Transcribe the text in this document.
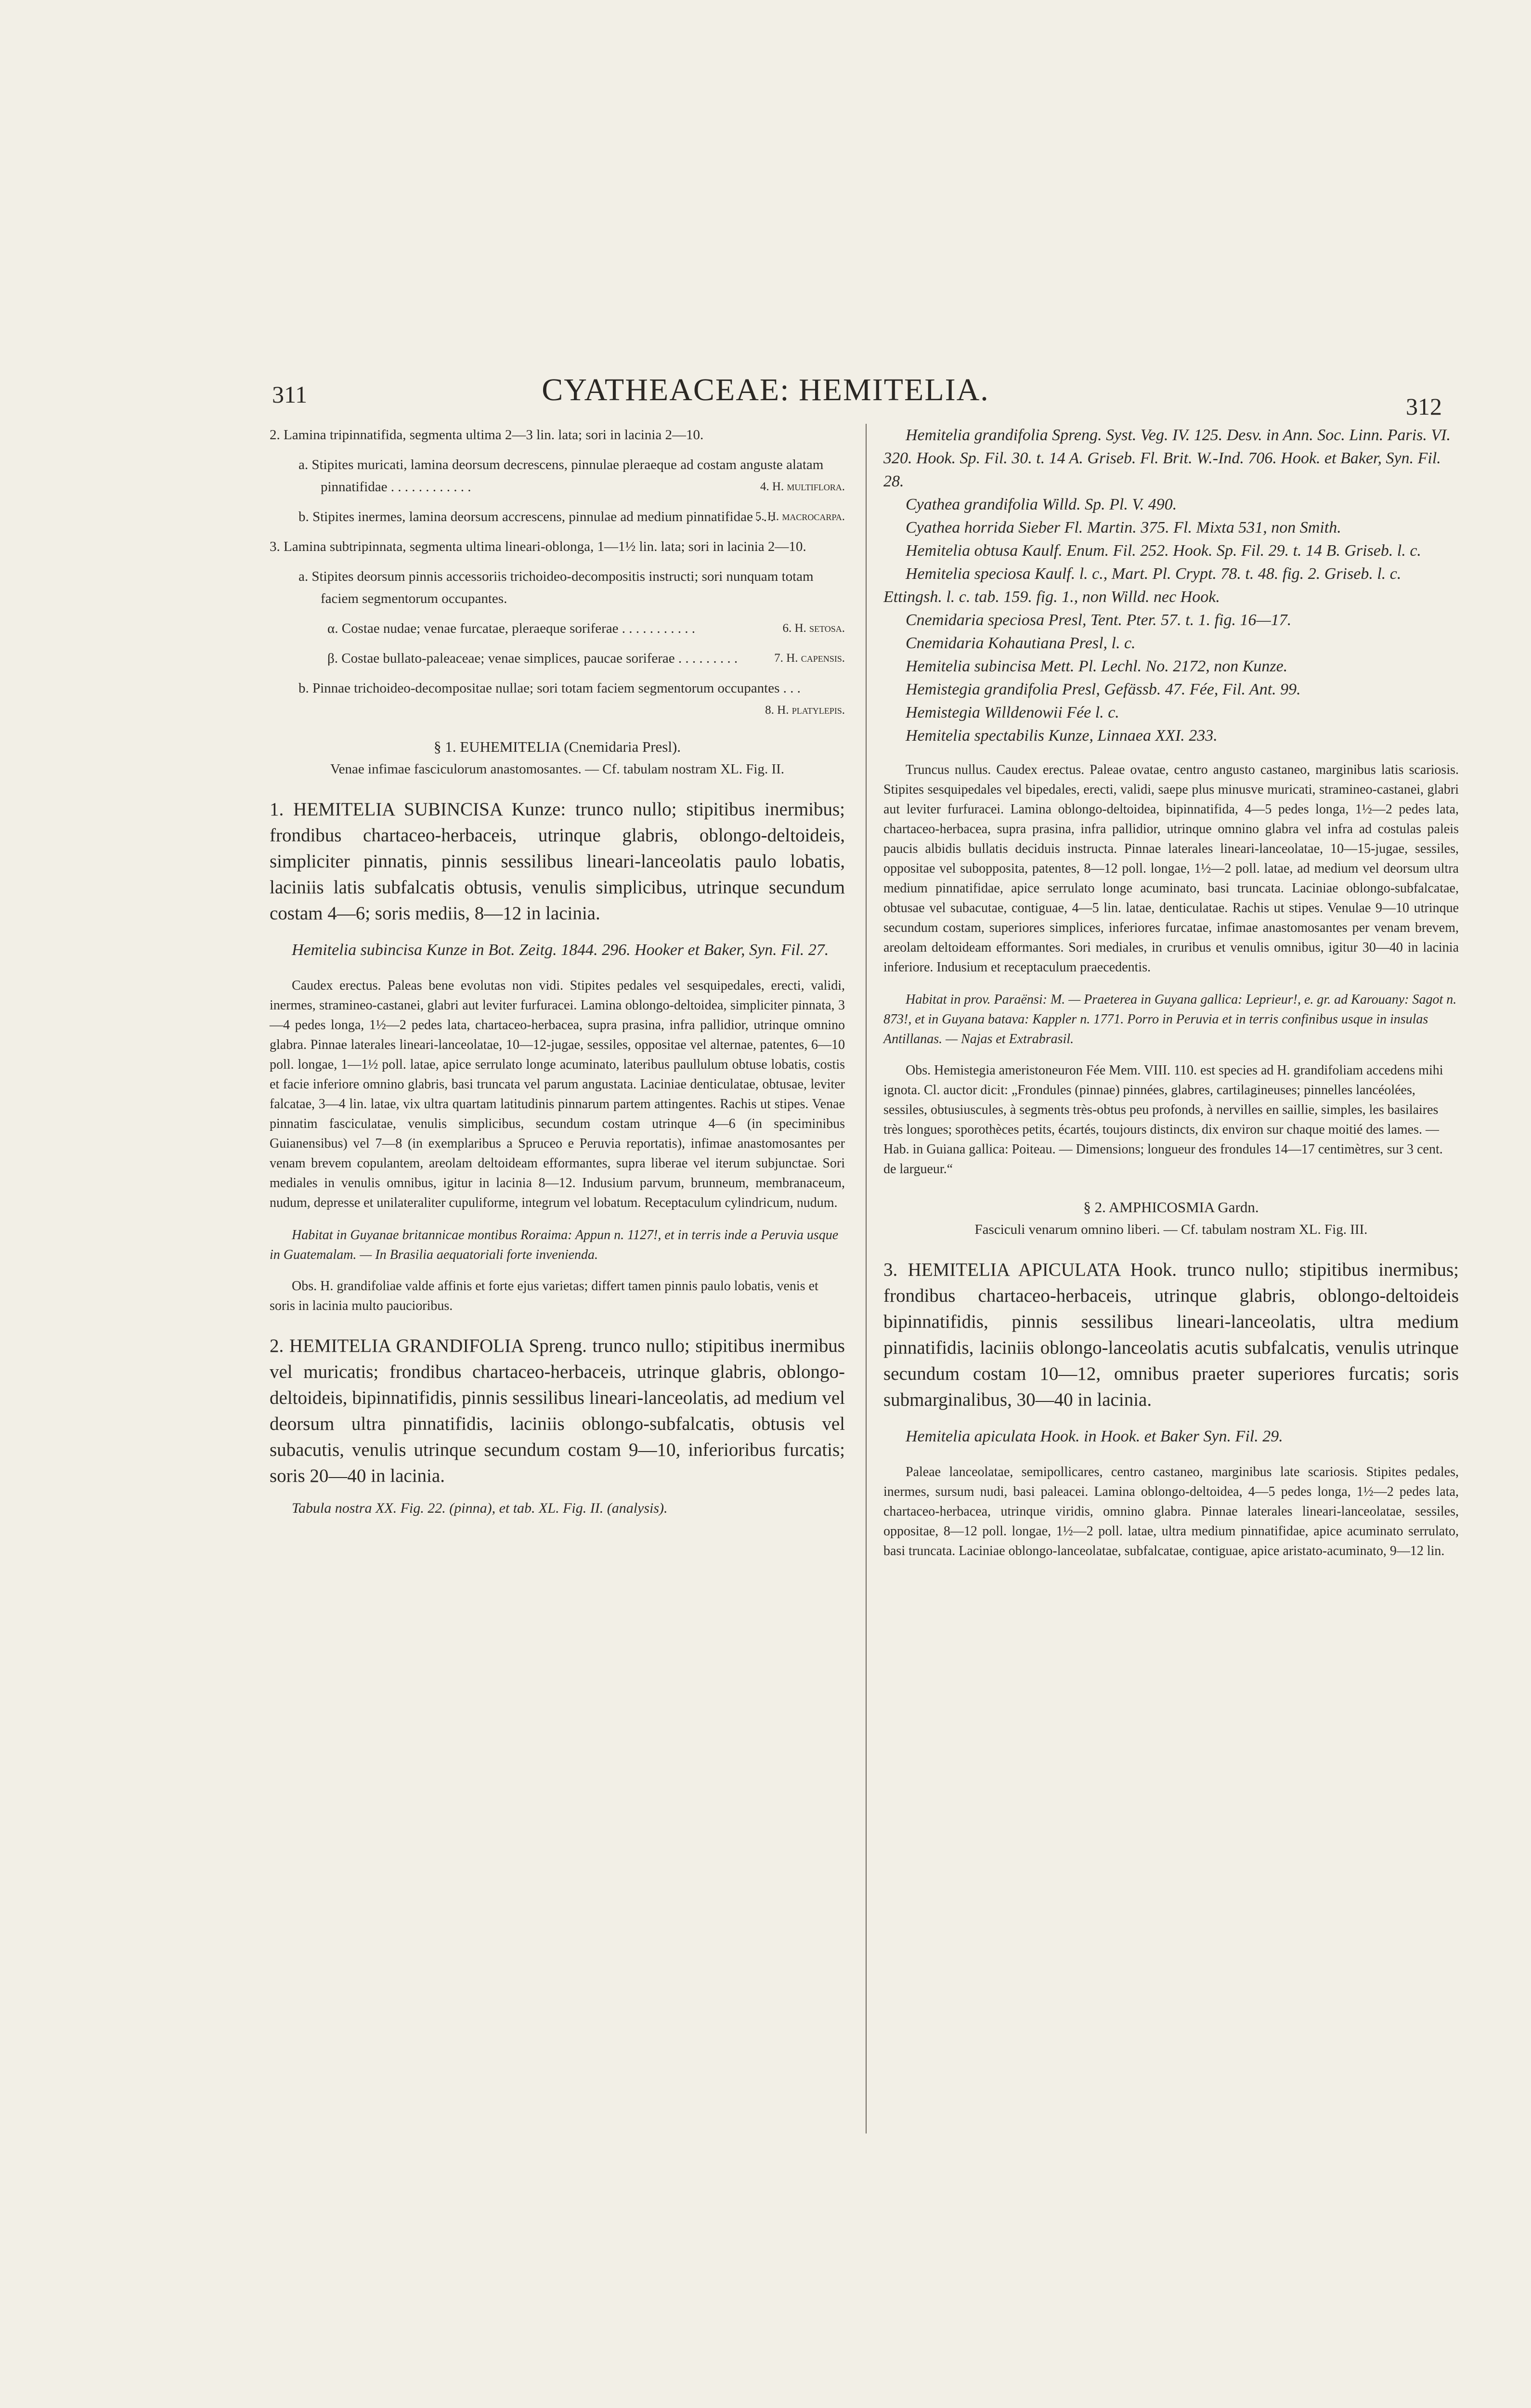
311	CYATHEACEAE: HEMITELIA.	312

2. Lamina tripinnatifida, segmenta ultima 2—3 lin. lata; sori in lacinia 2—10.

a. Stipites muricati, lamina deorsum decrescens, pinnulae pleraeque ad costam anguste alatam pinnatifidae . . . . . . . . . . . .	4. H. multiflora.

b. Stipites inermes, lamina deorsum accrescens, pinnulae ad medium pinnatifidae . . .
5. H. macrocarpa.

3. Lamina subtripinnata, segmenta ultima lineari-oblonga, 1—1½ lin. lata; sori in lacinia 2—10.

a. Stipites deorsum pinnis accessoriis trichoideo-decompositis instructi; sori nunquam totam faciem segmentorum occupantes.

α. Costae nudae; venae furcatae, pleraeque soriferae . . . . . . . . . . .	6. H. setosa.

β. Costae bullato-paleaceae; venae simplices, paucae soriferae . . . . . . . . .	7. H. capensis.

b. Pinnae trichoideo-decompositae nullae; sori totam faciem segmentorum occupantes . . .
8. H. platylepis.

§ 1. EUHEMITELIA (Cnemidaria Presl).

Venae infimae fasciculorum anastomosantes. — Cf. tabulam nostram XL. Fig. II.

1. HEMITELIA SUBINCISA Kunze: trunco nullo; stipitibus inermibus; frondibus chartaceo-herbaceis, utrinque glabris, oblongo-deltoideis, simpliciter pinnatis, pinnis sessilibus lineari-lanceolatis paulo lobatis, laciniis latis subfalcatis obtusis, venulis simplicibus, utrinque secundum costam 4—6; soris mediis, 8—12 in lacinia.

Hemitelia subincisa Kunze in Bot. Zeitg. 1844. 296. Hooker et Baker, Syn. Fil. 27.

Caudex erectus. Paleas bene evolutas non vidi. Stipites pedales vel sesquipedales, erecti, validi, inermes, stramineo-castanei, glabri aut leviter furfuracei. Lamina oblongo-deltoidea, simpliciter pinnata, 3—4 pedes longa, 1½—2 pedes lata, chartaceo-herbacea, supra prasina, infra pallidior, utrinque omnino glabra. Pinnae laterales lineari-lanceolatae, 10—12-jugae, sessiles, oppositae vel alternae, patentes, 6—10 poll. longae, 1—1½ poll. latae, apice serrulato longe acuminato, lateribus paullulum obtuse lobatis, costis et facie inferiore omnino glabris, basi truncata vel parum angustata. Laciniae denticulatae, obtusae, leviter falcatae, 3—4 lin. latae, vix ultra quartam latitudinis pinnarum partem attingentes. Rachis ut stipes. Venae pinnatim fasciculatae, venulis simplicibus, secundum costam utrinque 4—6 (in speciminibus Guianensibus) vel 7—8 (in exemplaribus a Spruceo e Peruvia reportatis), infimae anastomosantes per venam brevem copulantem, areolam deltoideam efformantes, supra liberae vel iterum subjunctae. Sori mediales in venulis omnibus, igitur in lacinia 8—12. Indusium parvum, brunneum, membranaceum, nudum, depresse et unilateraliter cupuliforme, integrum vel lobatum. Receptaculum cylindricum, nudum.

Habitat in Guyanae britannicae montibus Roraima: Appun n. 1127!, et in terris inde a Peruvia usque in Guatemalam. — In Brasilia aequatoriali forte invenienda.

Obs. H. grandifoliae valde affinis et forte ejus varietas; differt tamen pinnis paulo lobatis, venis et soris in lacinia multo paucioribus.

2. HEMITELIA GRANDIFOLIA Spreng. trunco nullo; stipitibus inermibus vel muricatis; frondibus chartaceo-herbaceis, utrinque glabris, oblongo-deltoideis, bipinnatifidis, pinnis sessilibus lineari-lanceolatis, ad medium vel deorsum ultra pinnatifidis, laciniis oblongo-subfalcatis, obtusis vel subacutis, venulis utrinque secundum costam 9—10, inferioribus furcatis; soris 20—40 in lacinia.

Tabula nostra XX. Fig. 22. (pinna), et tab. XL. Fig. II. (analysis).

Hemitelia grandifolia Spreng. Syst. Veg. IV. 125. Desv. in Ann. Soc. Linn. Paris. VI. 320. Hook. Sp. Fil. 30. t. 14 A. Griseb. Fl. Brit. W.-Ind. 706. Hook. et Baker, Syn. Fil. 28.

Cyathea grandifolia Willd. Sp. Pl. V. 490.

Cyathea horrida Sieber Fl. Martin. 375. Fl. Mixta 531, non Smith.

Hemitelia obtusa Kaulf. Enum. Fil. 252. Hook. Sp. Fil. 29. t. 14 B. Griseb. l. c.

Hemitelia speciosa Kaulf. l. c., Mart. Pl. Crypt. 78. t. 48. fig. 2. Griseb. l. c. Ettingsh. l. c. tab. 159. fig. 1., non Willd. nec Hook.

Cnemidaria speciosa Presl, Tent. Pter. 57. t. 1. fig. 16—17.

Cnemidaria Kohautiana Presl, l. c.

Hemitelia subincisa Mett. Pl. Lechl. No. 2172, non Kunze.

Hemistegia grandifolia Presl, Gefässb. 47. Fée, Fil. Ant. 99.

Hemistegia Willdenowii Fée l. c.

Hemitelia spectabilis Kunze, Linnaea XXI. 233.

Truncus nullus. Caudex erectus. Paleae ovatae, centro angusto castaneo, marginibus latis scariosis. Stipites sesquipedales vel bipedales, erecti, validi, saepe plus minusve muricati, stramineo-castanei, glabri aut leviter furfuracei. Lamina oblongo-deltoidea, bipinnatifida, 4—5 pedes longa, 1½—2 pedes lata, chartaceo-herbacea, supra prasina, infra pallidior, utrinque omnino glabra vel infra ad costulas paleis paucis albidis bullatis deciduis instructa. Pinnae laterales lineari-lanceolatae, 10—15-jugae, sessiles, oppositae vel subopposita, patentes, 8—12 poll. longae, 1½—2 poll. latae, ad medium vel deorsum ultra medium pinnatifidae, apice serrulato longe acuminato, basi truncata. Laciniae oblongo-subfalcatae, obtusae vel subacutae, contiguae, 4—5 lin. latae, denticulatae. Rachis ut stipes. Venulae 9—10 utrinque secundum costam, superiores simplices, inferiores furcatae, infimae anastomosantes per venam brevem, areolam deltoideam efformantes. Sori mediales, in cruribus et venulis omnibus, igitur 30—40 in lacinia inferiore. Indusium et receptaculum praecedentis.

Habitat in prov. Paraënsi: M. — Praeterea in Guyana gallica: Leprieur!, e. gr. ad Karouany: Sagot n. 873!, et in Guyana batava: Kappler n. 1771. Porro in Peruvia et in terris confinibus usque in insulas Antillanas. — Najas et Extrabrasil.

Obs. Hemistegia ameristoneuron Fée Mem. VIII. 110. est species ad H. grandifoliam accedens mihi ignota. Cl. auctor dicit: „Frondules (pinnae) pinnées, glabres, cartilagineuses; pinnelles lancéolées, sessiles, obtusiuscules, à segments très-obtus peu profonds, à nervilles en saillie, simples, les basilaires très longues; sporothèces petits, écartés, toujours distincts, dix environ sur chaque moitié des lames. — Hab. in Guiana gallica: Poiteau. — Dimensions; longueur des frondules 14—17 centimètres, sur 3 cent. de largueur.“

§ 2. AMPHICOSMIA Gardn.

Fasciculi venarum omnino liberi. — Cf. tabulam nostram XL. Fig. III.

3. HEMITELIA APICULATA Hook. trunco nullo; stipitibus inermibus; frondibus chartaceo-herbaceis, utrinque glabris, oblongo-deltoideis bipinnatifidis, pinnis sessilibus lineari-lanceolatis, ultra medium pinnatifidis, laciniis oblongo-lanceolatis acutis subfalcatis, venulis utrinque secundum costam 10—12, omnibus praeter superiores furcatis; soris submarginalibus, 30—40 in lacinia.

Hemitelia apiculata Hook. in Hook. et Baker Syn. Fil. 29.

Paleae lanceolatae, semipollicares, centro castaneo, marginibus late scariosis. Stipites pedales, inermes, sursum nudi, basi paleacei. Lamina oblongo-deltoidea, 4—5 pedes longa, 1½—2 pedes lata, chartaceo-herbacea, utrinque viridis, omnino glabra. Pinnae laterales lineari-lanceolatae, sessiles, oppositae, 8—12 poll. longae, 1½—2 poll. latae, ultra medium pinnatifidae, apice acuminato serrulato, basi truncata. Laciniae oblongo-lanceolatae, subfalcatae, contiguae, apice aristato-acuminato, 9—12 lin.
